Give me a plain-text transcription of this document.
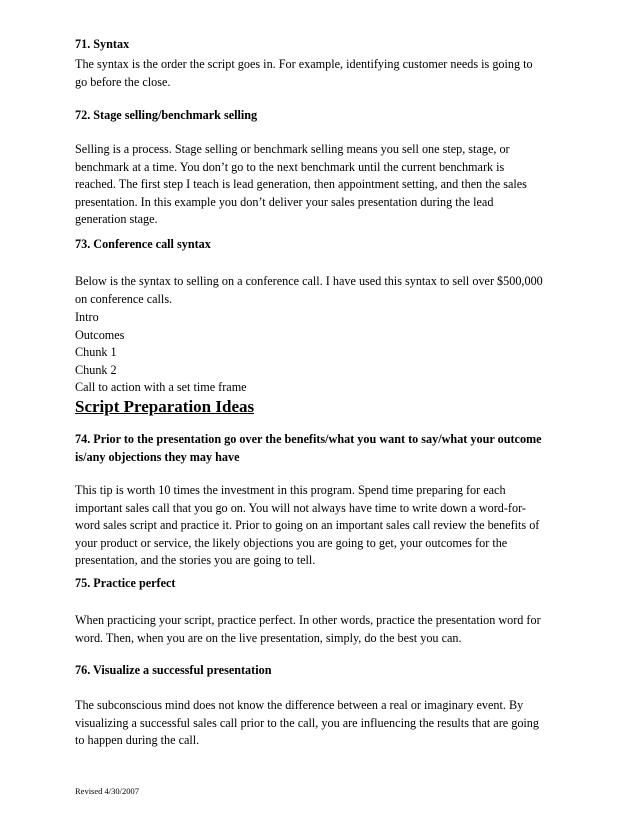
71. Syntax
The syntax is the order the script goes in. For example, identifying customer needs is going to
go before the close.
72. Stage selling/benchmark selling
Selling is a process. Stage selling or benchmark selling means you sell one step, stage, or
benchmark at a time. You don’t go to the next benchmark until the current benchmark is
reached. The first step I teach is lead generation, then appointment setting, and then the sales
presentation. In this example you don’t deliver your sales presentation during the lead
generation stage.
73. Conference call syntax
Below is the syntax to selling on a conference call. I have used this syntax to sell over $500,000
on conference calls.
Intro
Outcomes
Chunk 1
Chunk 2
Call to action with a set time frame
Script Preparation Ideas
74. Prior to the presentation go over the benefits/what you want to say/what your outcome
is/any objections they may have
This tip is worth 10 times the investment in this program. Spend time preparing for each
important sales call that you go on. You will not always have time to write down a word-for-
word sales script and practice it. Prior to going on an important sales call review the benefits of
your product or service, the likely objections you are going to get, your outcomes for the
presentation, and the stories you are going to tell.
75. Practice perfect
When practicing your script, practice perfect. In other words, practice the presentation word for
word. Then, when you are on the live presentation, simply, do the best you can.
76. Visualize a successful presentation
The subconscious mind does not know the difference between a real or imaginary event. By
visualizing a successful sales call prior to the call, you are influencing the results that are going
to happen during the call.
Revised 4/30/2007
